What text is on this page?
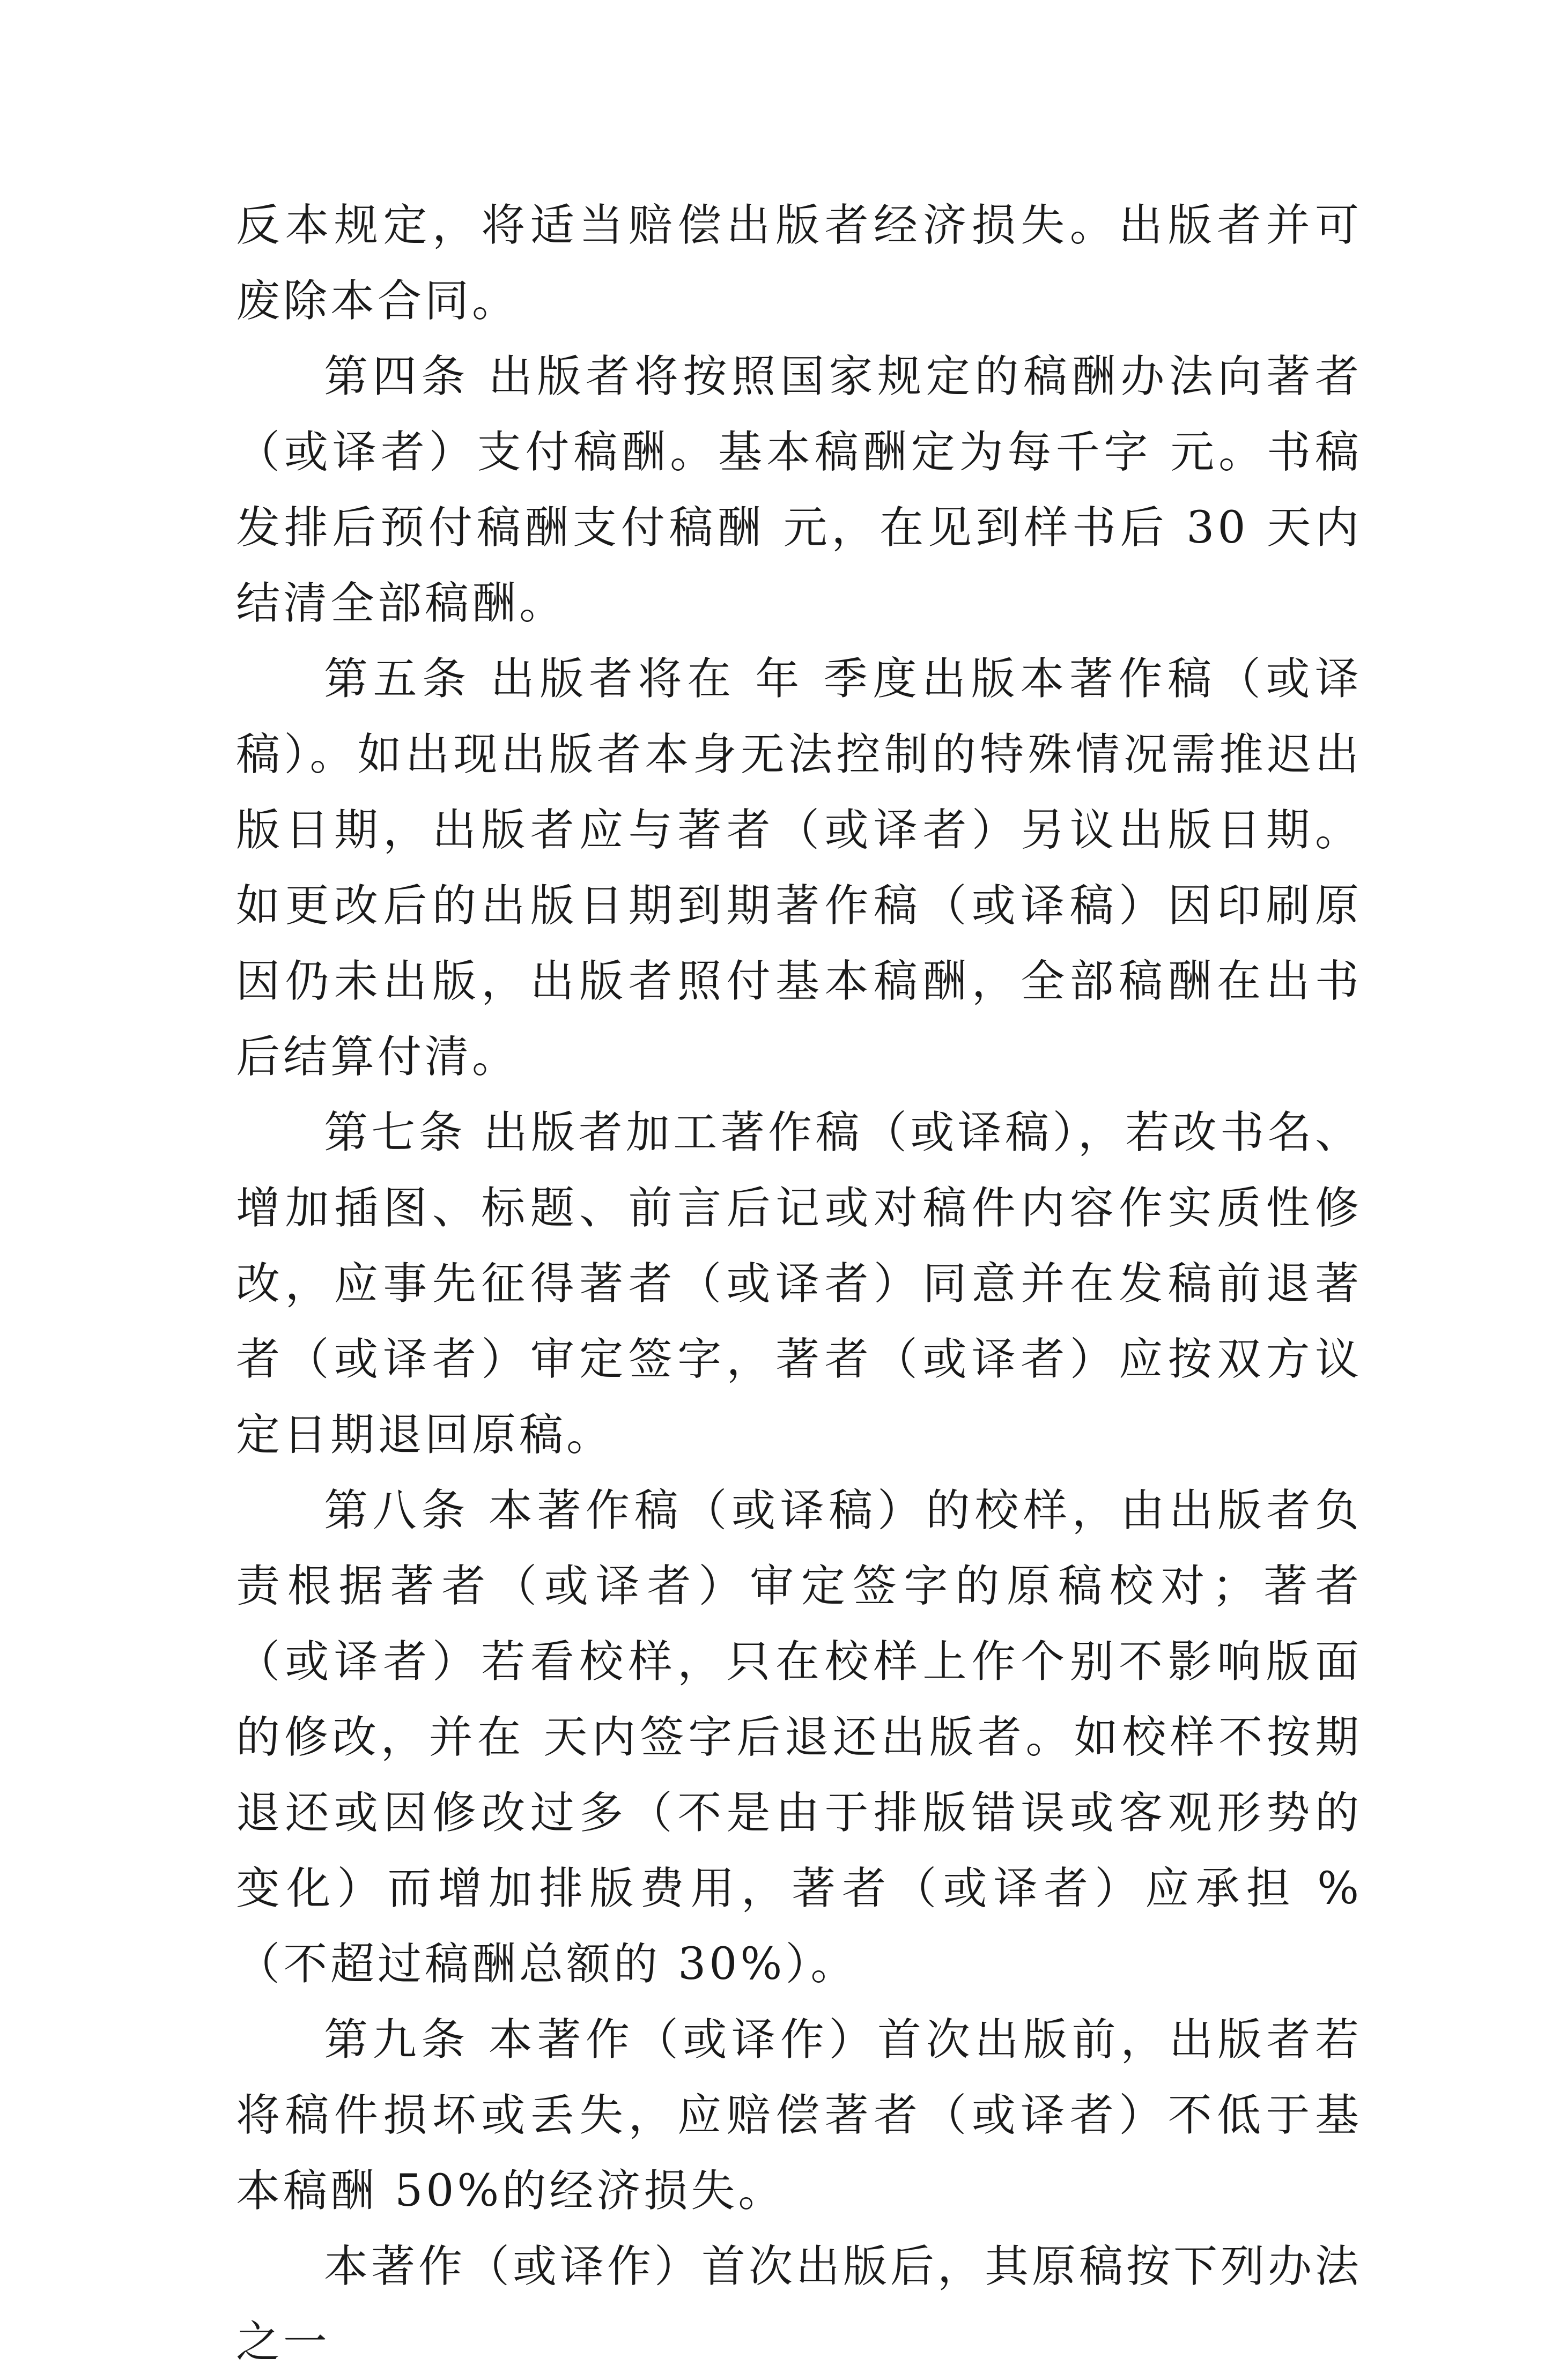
反本规定，将适当赔偿出版者经济损失。出版者并可废除本合同。

第四条 出版者将按照国家规定的稿酬办法向著者（或译者）支付稿酬。基本稿酬定为每千字 元。书稿发排后预付稿酬支付稿酬 元，在见到样书后 30 天内结清全部稿酬。

第五条 出版者将在 年 季度出版本著作稿（或译稿）。如出现出版者本身无法控制的特殊情况需推迟出版日期，出版者应与著者（或译者）另议出版日期。如更改后的出版日期到期著作稿（或译稿）因印刷原因仍未出版，出版者照付基本稿酬，全部稿酬在出书后结算付清。

第七条 出版者加工著作稿（或译稿），若改书名、增加插图、标题、前言后记或对稿件内容作实质性修改，应事先征得著者（或译者）同意并在发稿前退著者（或译者）审定签字，著者（或译者）应按双方议定日期退回原稿。

第八条 本著作稿（或译稿）的校样，由出版者负责根据著者（或译者）审定签字的原稿校对；著者（或译者）若看校样，只在校样上作个别不影响版面的修改，并在 天内签字后退还出版者。如校样不按期退还或因修改过多（不是由于排版错误或客观形势的变化）而增加排版费用，著者（或译者）应承担 %（不超过稿酬总额的 30%）。

第九条 本著作（或译作）首次出版前，出版者若将稿件损坏或丢失，应赔偿著者（或译者）不低于基本稿酬 50%的经济损失。

本著作（或译作）首次出版后，其原稿按下列办法之一
